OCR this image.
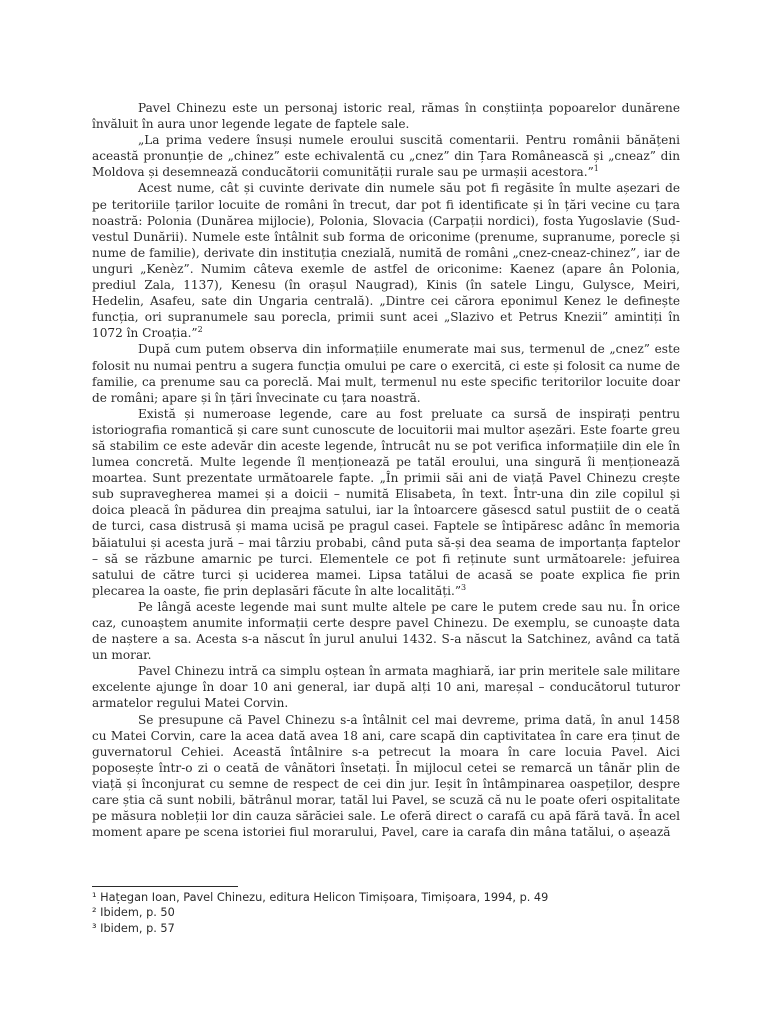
Pavel Chinezu este un personaj istoric real, rămas în conștiința popoarelor dunărene învăluit în aura unor legende legate de faptele sale.

„La prima vedere însuși numele eroului suscită comentarii. Pentru românii bănățeni această pronunție de „chinez” este echivalentă cu „cnez” din Țara Românească și „cneaz” din Moldova și desemnează conducătorii comunității rurale sau pe urmașii acestora.”$^1$

Acest nume, cât și cuvinte derivate din numele său pot fi regăsite în multe așezari de pe teritoriile țarilor locuite de români în trecut, dar pot fi identificate și în țări vecine cu țara noastră: Polonia (Dunărea mijlocie), Polonia, Slovacia (Carpații nordici), fosta Yugoslavie (Sud-vestul Dunării). Numele este întâlnit sub forma de oriconime (prenume, supranume, porecle și nume de familie), derivate din instituția cnezială, numită de români „cnez-cneaz-chinez”, iar de unguri „Kenèz”. Numim câteva exemle de astfel de oriconime: Kaenez (apare ân Polonia, prediul Zala, 1137), Kenesu (în orașul Naugrad), Kinis (în satele Lingu, Gulysce, Meiri, Hedelin, Asafeu, sate din Ungaria centrală). „Dintre cei cărora eponimul Kenez le definește funcția, ori supranumele sau porecla, primii sunt acei „Slazivo et Petrus Knezii” amintiți în 1072 în Croația.”$^2$

După cum putem observa din informațiile enumerate mai sus, termenul de „cnez” este folosit nu numai pentru a sugera funcția omului pe care o exercită, ci este și folosit ca nume de familie, ca prenume sau ca poreclă. Mai mult, termenul nu este specific teritorilor locuite doar de români; apare și în țări învecinate cu țara noastră.

Există și numeroase legende, care au fost preluate ca sursă de inspirați pentru istoriografia romantică și care sunt cunoscute de locuitorii mai multor așezări. Este foarte greu să stabilim ce este adevăr din aceste legende, întrucât nu se pot verifica informațiile din ele în lumea concretă. Multe legende îl menționează pe tatăl eroului, una singură îi menționează moartea. Sunt prezentate următoarele fapte. „În primii săi ani de viață Pavel Chinezu crește sub supravegherea mamei și a doicii – numită Elisabeta, în text. Într-una din zile copilul și doica pleacă în pădurea din preajma satului, iar la întoarcere găsescd satul pustiit de o ceată de turci, casa distrusă și mama ucisă pe pragul casei. Faptele se întipăresc adânc în memoria băiatului și acesta jură – mai târziu probabi, când puta să-și dea seama de importanța faptelor – să se răzbune amarnic pe turci. Elementele ce pot fi reținute sunt următoarele: jefuirea satului de către turci și uciderea mamei. Lipsa tatălui de acasă se poate explica fie prin plecarea la oaste, fie prin deplasări făcute în alte localități.”$^3$

Pe lângă aceste legende mai sunt multe altele pe care le putem crede sau nu. În orice caz, cunoaștem anumite informații certe despre pavel Chinezu. De exemplu, se cunoaște data de naștere a sa. Acesta s-a născut în jurul anului 1432. S-a născut la Satchinez, având ca tată un morar.

Pavel Chinezu intră ca simplu oștean în armata maghiară, iar prin meritele sale militare excelente ajunge în doar 10 ani general, iar după alți 10 ani, mareșal – conducătorul tuturor armatelor regului Matei Corvin.

Se presupune că Pavel Chinezu s-a întâlnit cel mai devreme, prima dată, în anul 1458 cu Matei Corvin, care la acea dată avea 18 ani, care scapă din captivitatea în care era ținut de guvernatorul Cehiei. Această întâlnire s-a petrecut la moara în care locuia Pavel. Aici poposește într-o zi o ceată de vânători însetați. În mijlocul cetei se remarcă un tânăr plin de viață și înconjurat cu semne de respect de cei din jur. Ieșit în întâmpinarea oaspeților, despre care știa că sunt nobili, bătrânul morar, tatăl lui Pavel, se scuză că nu le poate oferi ospitalitate pe măsura nobleții lor din cauza sărăciei sale. Le oferă direct o carafă cu apă fără tavă. În acel moment apare pe scena istoriei fiul morarului, Pavel, care ia carafa din mâna tatălui, o așează

¹ Hațegan Ioan, Pavel Chinezu, editura Helicon Timișoara, Timișoara, 1994, p. 49

² Ibidem, p. 50

³ Ibidem, p. 57
